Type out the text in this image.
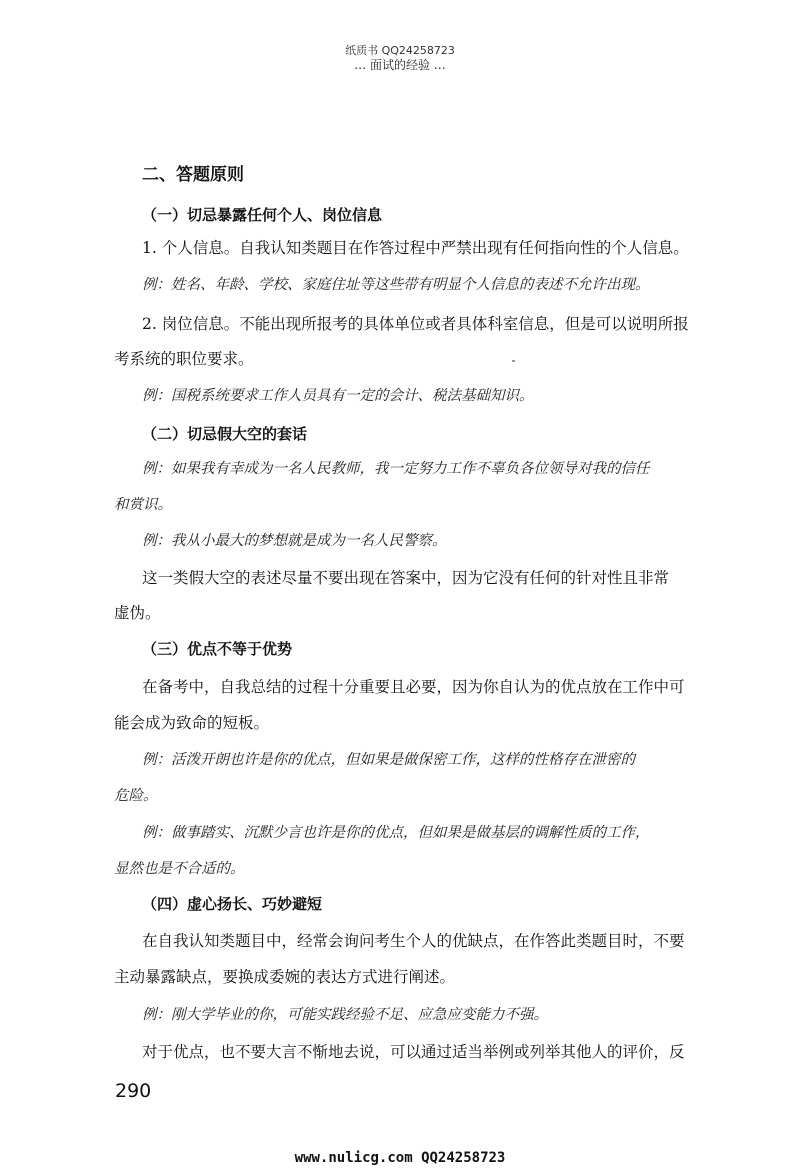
纸质书 QQ24258723
… 面试的经验 …
二、答题原则
（一）切忌暴露任何个人、岗位信息
1. 个人信息。自我认知类题目在作答过程中严禁出现有任何指向性的个人信息。
例：姓名、年龄、学校、家庭住址等这些带有明显个人信息的表述不允许出现。
2. 岗位信息。不能出现所报考的具体单位或者具体科室信息，但是可以说明所报
考系统的职位要求。
例：国税系统要求工作人员具有一定的会计、税法基础知识。
（二）切忌假大空的套话
例：如果我有幸成为一名人民教师，我一定努力工作不辜负各位领导对我的信任
和赏识。
例：我从小最大的梦想就是成为一名人民警察。
这一类假大空的表述尽量不要出现在答案中，因为它没有任何的针对性且非常
虚伪。
（三）优点不等于优势
在备考中，自我总结的过程十分重要且必要，因为你自认为的优点放在工作中可
能会成为致命的短板。
例：活泼开朗也许是你的优点，但如果是做保密工作，这样的性格存在泄密的
危险。
例：做事踏实、沉默少言也许是你的优点，但如果是做基层的调解性质的工作，
显然也是不合适的。
（四）虚心扬长、巧妙避短
在自我认知类题目中，经常会询问考生个人的优缺点，在作答此类题目时，不要
主动暴露缺点，要换成委婉的表达方式进行阐述。
例：刚大学毕业的你，可能实践经验不足、应急应变能力不强。
对于优点，也不要大言不惭地去说，可以通过适当举例或列举其他人的评价，反
290
www.nulicg.com QQ24258723
